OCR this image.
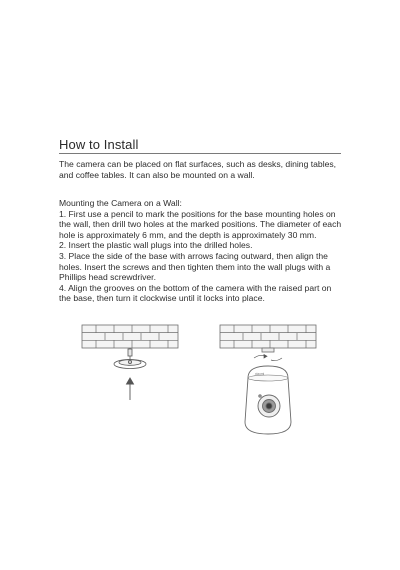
How to Install

The camera can be placed on flat surfaces, such as desks, dining tables, and coffee tables. It can also be mounted on a wall.

Mounting the Camera on a Wall:

1. First use a pencil to mark the positions for the base mounting holes on the wall, then drill two holes at the marked positions. The diameter of each hole is approximately 6 mm, and the depth is approximately 30 mm.

2. Insert the plastic wall plugs into the drilled holes.

3. Place the side of the base with arrows facing outward, then align the holes. Insert the screws and then tighten them into the wall plugs with a Phillips head screwdriver.

4. Align the grooves on the bottom of the camera with the raised part on the base, then turn it clockwise until it locks into place.

xiaomi
